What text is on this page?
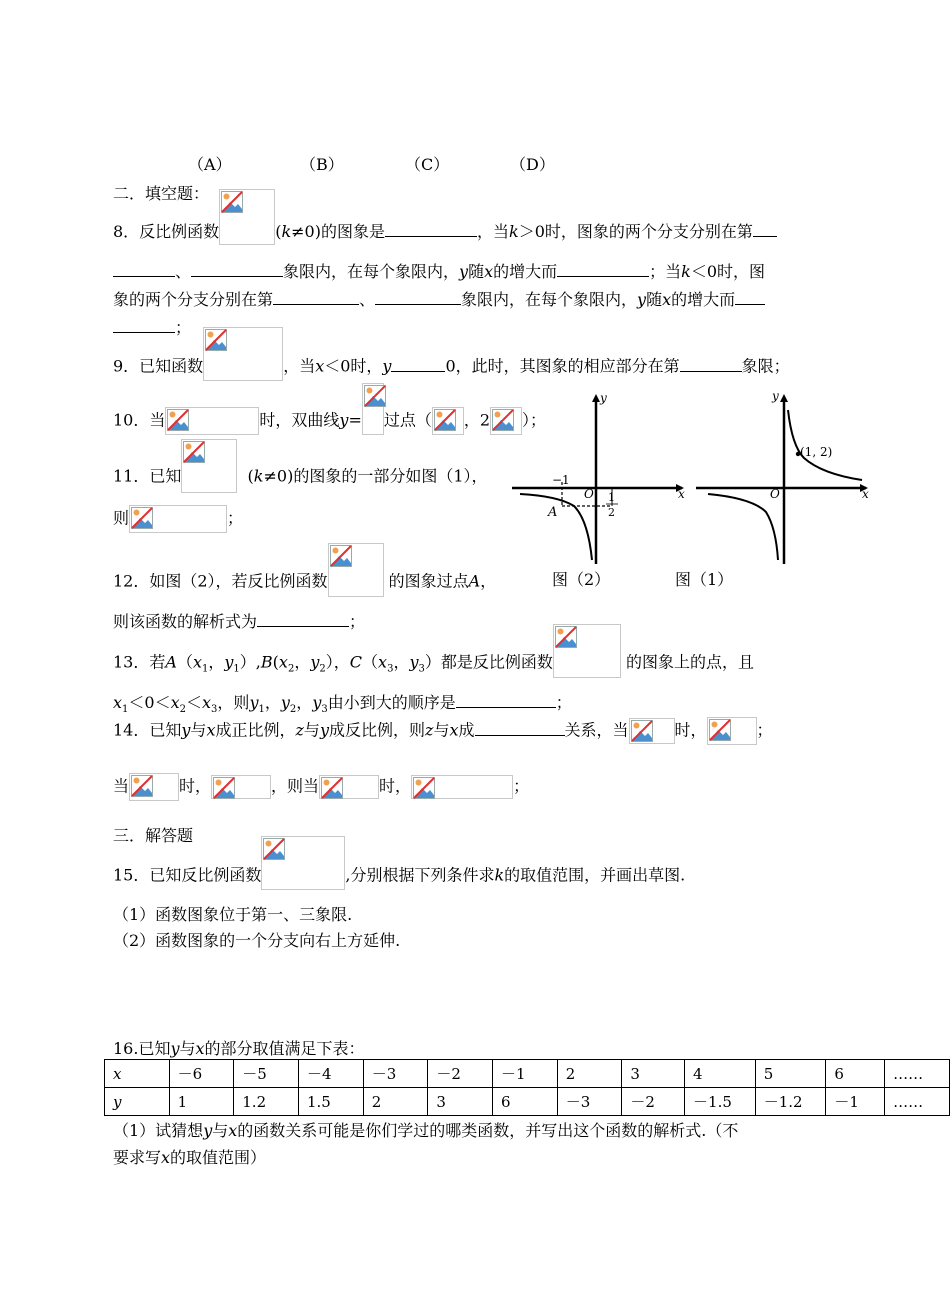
（A）	（B）	（C）	（D）
二．填空题：
8．反比例函数	(k≠0)的图象是	，当k＞0时，图象的两个分支分别在第
、	象限内，在每个象限内，y随x的增大而	；当k＜0时，图
象的两个分支分别在第	、	象限内，在每个象限内，y随x的增大而
；
9．已知函数	，当x＜0时，y	0，此时，其图象的相应部分在第	象限；
10．当	时，双曲线y= 过点（ ，2 ）；
11．已知	(k≠0)的图象的一部分如图（1），
则	；
y
x
O
−1
1
2
A
y
x
O
(1, 2)
12．如图（2），若反比例函数	的图象过点A，	图（2）	图（1）
则该函数的解析式为	；
13．若$A(x_1$，$y_1),B(x_2$，$y_2$），$C(x_3$，$y_3$）都是反比例函数	的图象上的点，且
$x_1<0<x_2<x_3$，则$y_1$，$y_2$，$y_3$由小到大的顺序是	；
14．已知y与x成正比例，z与y成反比例，则z与x成	关系，当	时，	；
当	时，	，则当	时，	；
三．解答题
15．已知反比例函数	,分别根据下列条件求k的取值范围，并画出草图.
（1）函数图象位于第一、三象限.
（2）函数图象的一个分支向右上方延伸.
16.已知y与x的部分取值满足下表：
x	－6	－5	－4	－3	－2	－1	2	3	4	5	6	……
y	1	1.2	1.5	2	3	6	－3	－2	－1.5	－1.2	－1	……
（1）试猜想y与x的函数关系可能是你们学过的哪类函数，并写出这个函数的解析式.（不
要求写x的取值范围）
